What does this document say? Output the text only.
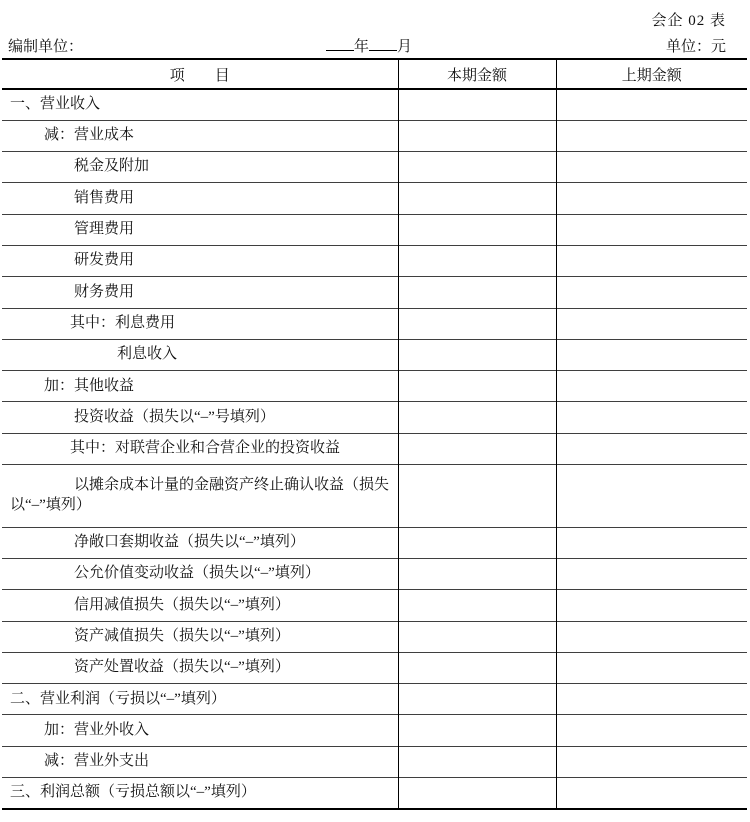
会企 02 表
编制单位：	年 月	单位：元
项　　目	本期金额	上期金额
一、营业收入		
减：营业成本		
税金及附加		
销售费用		
管理费用		
研发费用		
财务费用		
其中：利息费用		
利息收入		
加：其他收益		
投资收益（损失以“–”号填列）		
其中：对联营企业和合营企业的投资收益		
以摊余成本计量的金融资产终止确认收益（损失以“–”填列）		
净敞口套期收益（损失以“–”填列）		
公允价值变动收益（损失以“–”填列）		
信用减值损失（损失以“–”填列）		
资产减值损失（损失以“–”填列）		
资产处置收益（损失以“–”填列）		
二、营业利润（亏损以“–”填列）		
加：营业外收入		
减：营业外支出		
三、利润总额（亏损总额以“–”填列）		
